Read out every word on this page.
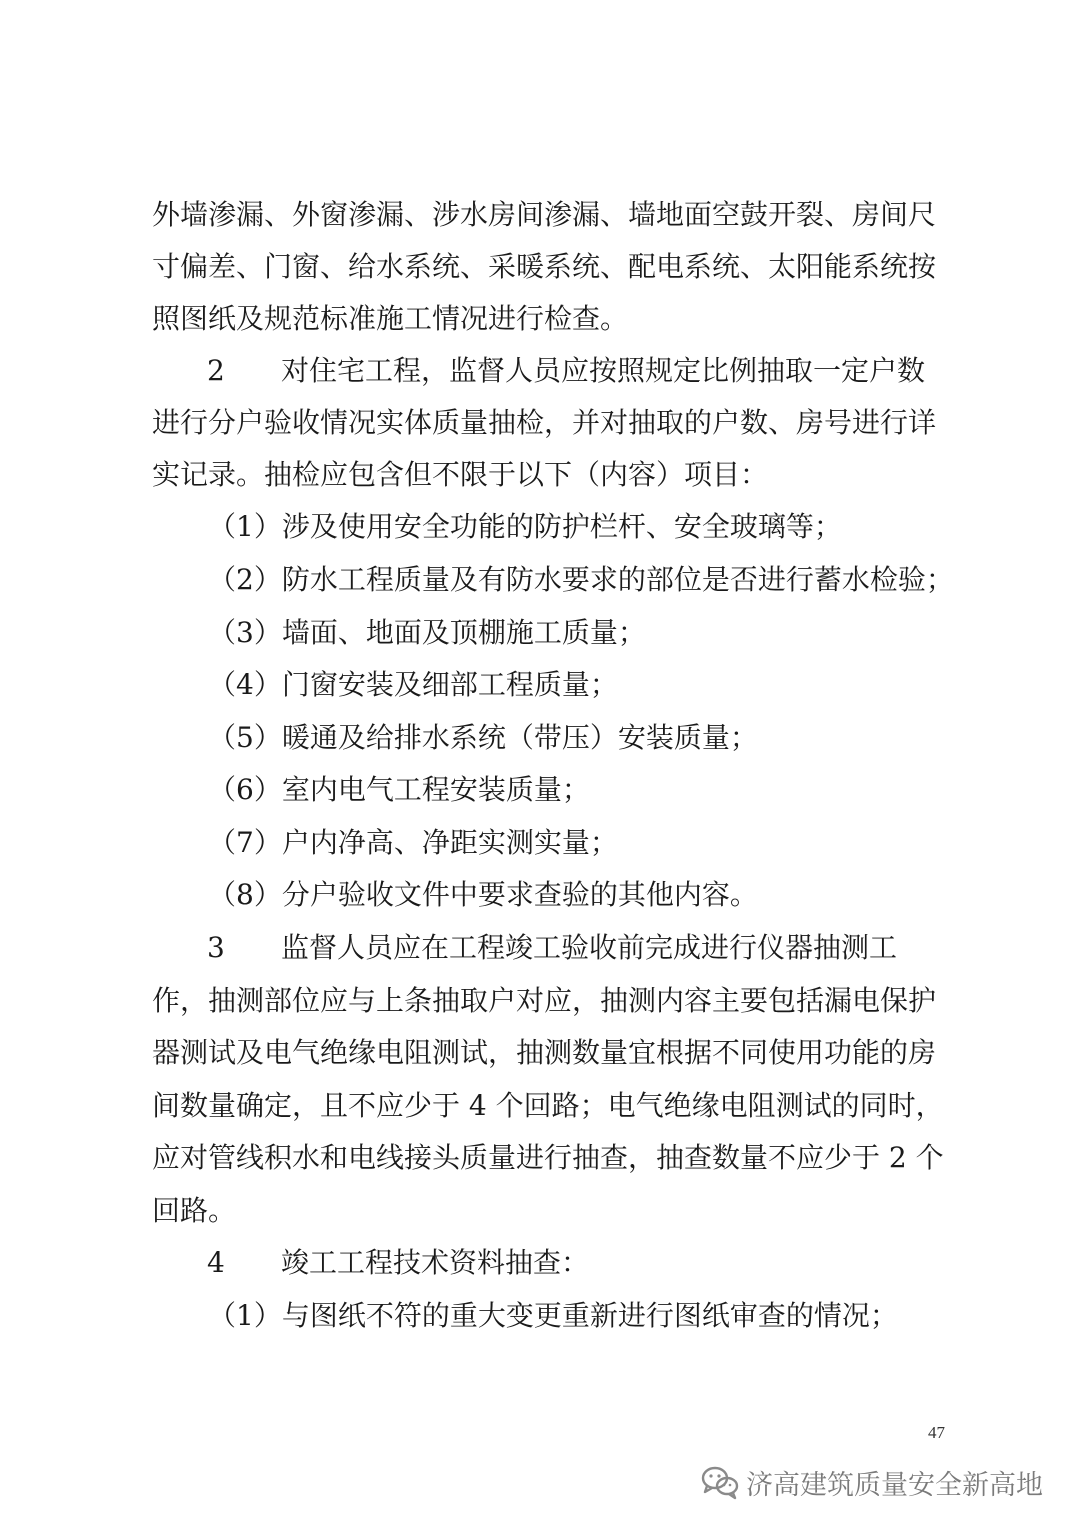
外墙渗漏、外窗渗漏、涉水房间渗漏、墙地面空鼓开裂、房间尺
寸偏差、门窗、给水系统、采暖系统、配电系统、太阳能系统按
照图纸及规范标准施工情况进行检查。
2 对住宅工程，监督人员应按照规定比例抽取一定户数
进行分户验收情况实体质量抽检，并对抽取的户数、房号进行详
实记录。抽检应包含但不限于以下（内容）项目：
（1）涉及使用安全功能的防护栏杆、安全玻璃等；
（2）防水工程质量及有防水要求的部位是否进行蓄水检验；
（3）墙面、地面及顶棚施工质量；
（4）门窗安装及细部工程质量；
（5）暖通及给排水系统（带压）安装质量；
（6）室内电气工程安装质量；
（7）户内净高、净距实测实量；
（8）分户验收文件中要求查验的其他内容。
3 监督人员应在工程竣工验收前完成进行仪器抽测工
作，抽测部位应与上条抽取户对应，抽测内容主要包括漏电保护
器测试及电气绝缘电阻测试，抽测数量宜根据不同使用功能的房
间数量确定，且不应少于 4 个回路；电气绝缘电阻测试的同时，
应对管线积水和电线接头质量进行抽查，抽查数量不应少于 2 个
回路。
4 竣工工程技术资料抽查：
（1）与图纸不符的重大变更重新进行图纸审查的情况；
47
济高建筑质量安全新高地
